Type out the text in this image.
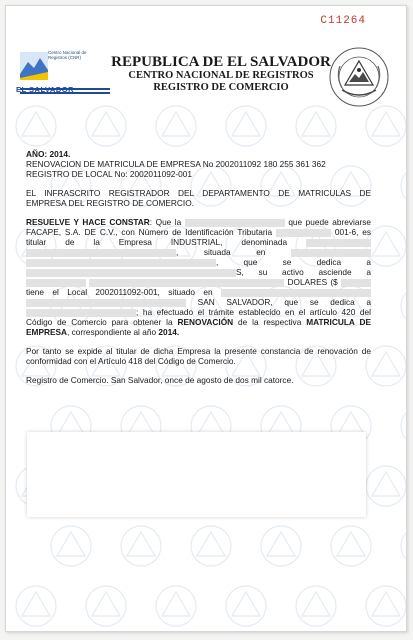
C11264
Centro Nacional de
Registros (CNR)
EL SALVADOR
REPUBLICA DE EL SALVADOR
CENTRO NACIONAL DE REGISTROS
REGISTRO DE COMERCIO

AÑO: 2014.

RENOVACION DE MATRICULA DE EMPRESA No 2002011092 180 255 361 362

REGISTRO DE LOCAL No: 2002011092-001

EL INFRASCRITO REGISTRADOR DEL DEPARTAMENTO DE MATRICULAS DE EMPRESA DEL REGISTRO DE COMERCIO.

RESUELVE Y HACE CONSTAR: Que la	que puede abreviarse FACAPE, S.A. DE C.V., con Número de Identificación Tributaria	001-6, es titular de la Empresa INDUSTRIAL, denominada  , situada en  , que se dedica a S, su activo asciende a   DOLARES ($  tiene el Local 2002011092-001, situado en   SAN SALVADOR, que se dedica a ; ha efectuado el trámite establecido en el artículo 420 del Código de Comercio para obtener la RENOVACIÓN de la respectiva MATRICULA DE EMPRESA, correspondiente al año 2014.

Por tanto se expide al titular de dicha Empresa la presente constancia de renovación de conformidad con el Artículo 418 del Código de Comercio.

Registro de Comercio. San Salvador, once de agosto de dos mil catorce.
